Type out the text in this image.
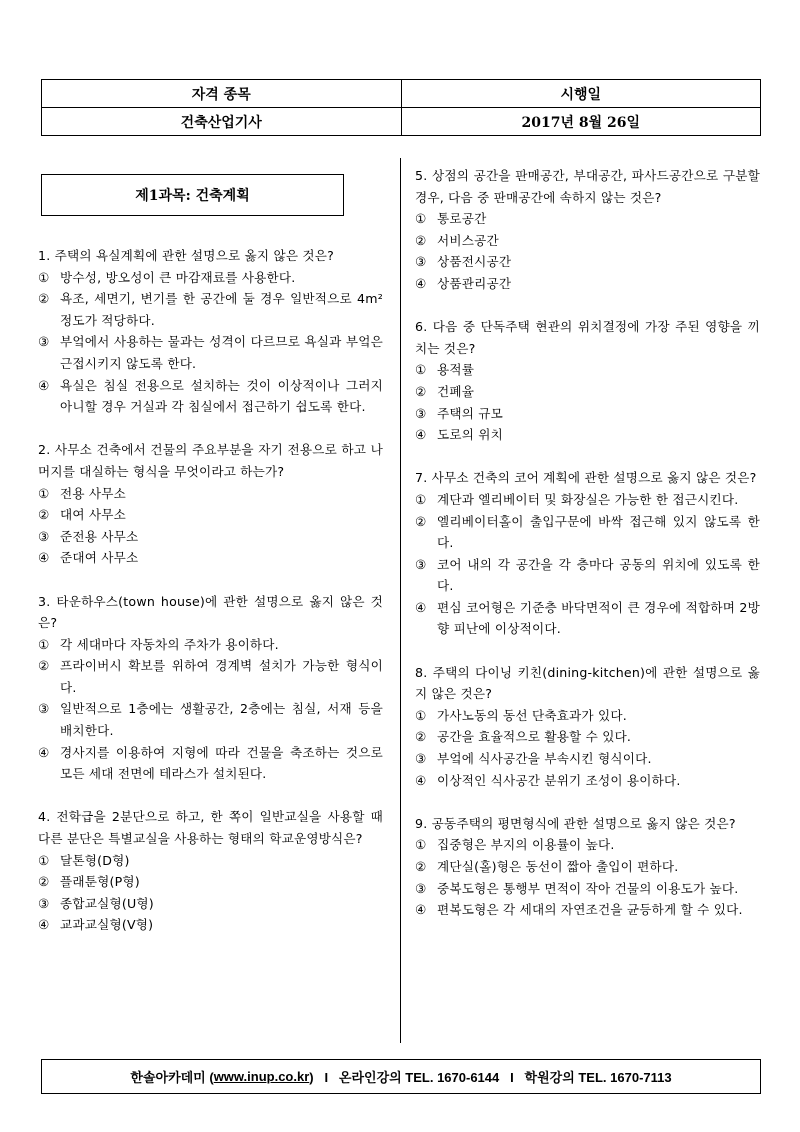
자격 종목	시행일
건축산업기사	2017년 8월 26일
제1과목: 건축계획
1. 주택의 욕실계획에 관한 설명으로 옳지 않은 것은?
① 방수성, 방오성이 큰 마감재료를 사용한다.
② 욕조, 세면기, 변기를 한 공간에 둘 경우 일반적으로 4m² 정도가 적당하다.
③ 부엌에서 사용하는 물과는 성격이 다르므로 욕실과 부엌은 근접시키지 않도록 한다.
④ 욕실은 침실 전용으로 설치하는 것이 이상적이나 그러지 아니할 경우 거실과 각 침실에서 접근하기 쉽도록 한다.
2. 사무소 건축에서 건물의 주요부분을 자기 전용으로 하고 나머지를 대실하는 형식을 무엇이라고 하는가?
① 전용 사무소
② 대여 사무소
③ 준전용 사무소
④ 준대여 사무소
3. 타운하우스(town house)에 관한 설명으로 옳지 않은 것은?
① 각 세대마다 자동차의 주차가 용이하다.
② 프라이버시 확보를 위하여 경계벽 설치가 가능한 형식이다.
③ 일반적으로 1층에는 생활공간, 2층에는 침실, 서재 등을 배치한다.
④ 경사지를 이용하여 지형에 따라 건물을 축조하는 것으로 모든 세대 전면에 테라스가 설치된다.
4. 전학급을 2분단으로 하고, 한 쪽이 일반교실을 사용할 때 다른 분단은 특별교실을 사용하는 형태의 학교운영방식은?
① 달톤형(D형)
② 플래툰형(P형)
③ 종합교실형(U형)
④ 교과교실형(V형)
5. 상점의 공간을 판매공간, 부대공간, 파사드공간으로 구분할 경우, 다음 중 판매공간에 속하지 않는 것은?
① 통로공간
② 서비스공간
③ 상품전시공간
④ 상품관리공간
6. 다음 중 단독주택 현관의 위치결정에 가장 주된 영향을 끼치는 것은?
① 용적률
② 건폐율
③ 주택의 규모
④ 도로의 위치
7. 사무소 건축의 코어 계획에 관한 설명으로 옳지 않은 것은?
① 계단과 엘리베이터 및 화장실은 가능한 한 접근시킨다.
② 엘리베이터홀이 출입구문에 바싹 접근해 있지 않도록 한다.
③ 코어 내의 각 공간을 각 층마다 공동의 위치에 있도록 한다.
④ 편심 코어형은 기준층 바닥면적이 큰 경우에 적합하며 2방향 피난에 이상적이다.
8. 주택의 다이닝 키친(dining-kitchen)에 관한 설명으로 옳지 않은 것은?
① 가사노동의 동선 단축효과가 있다.
② 공간을 효율적으로 활용할 수 있다.
③ 부엌에 식사공간을 부속시킨 형식이다.
④ 이상적인 식사공간 분위기 조성이 용이하다.
9. 공동주택의 평면형식에 관한 설명으로 옳지 않은 것은?
① 집중형은 부지의 이용률이 높다.
② 계단실(홀)형은 동선이 짧아 출입이 편하다.
③ 중복도형은 통행부 면적이 작아 건물의 이용도가 높다.
④ 편복도형은 각 세대의 자연조건을 균등하게 할 수 있다.
한솔아카데미 ( www.inup.co.kr )   I   온라인강의 TEL. 1670-6144   I   학원강의 TEL. 1670-7113
